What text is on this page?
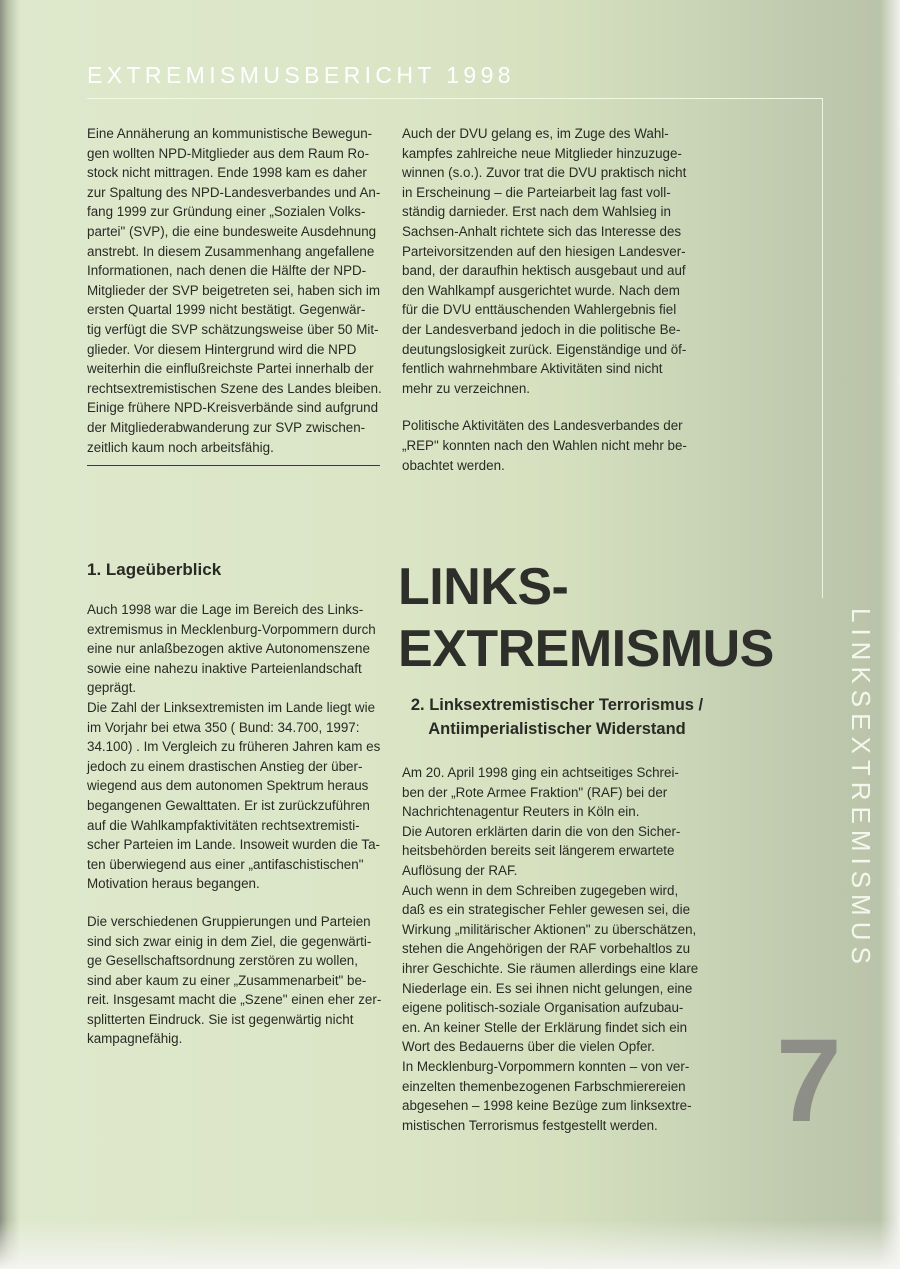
EXTREMISMUSBERICHT 1998

Eine Annäherung an kommunistische Bewegun-
gen wollten NPD-Mitglieder aus dem Raum Ro-
stock nicht mittragen. Ende 1998 kam es daher
zur Spaltung des NPD-Landesverbandes und An-
fang 1999 zur Gründung einer „Sozialen Volks-
partei" (SVP), die eine bundesweite Ausdehnung
anstrebt. In diesem Zusammenhang angefallene
Informationen, nach denen die Hälfte der NPD-
Mitglieder der SVP beigetreten sei, haben sich im
ersten Quartal 1999 nicht bestätigt. Gegenwär-
tig verfügt die SVP schätzungsweise über 50 Mit-
glieder. Vor diesem Hintergrund wird die NPD
weiterhin die einflußreichste Partei innerhalb der
rechtsextremistischen Szene des Landes bleiben.
Einige frühere NPD-Kreisverbände sind aufgrund
der Mitgliederabwanderung zur SVP zwischen-
zeitlich kaum noch arbeitsfähig.

Auch der DVU gelang es, im Zuge des Wahl-
kampfes zahlreiche neue Mitglieder hinzuzuge-
winnen (s.o.). Zuvor trat die DVU praktisch nicht
in Erscheinung – die Parteiarbeit lag fast voll-
ständig darnieder. Erst nach dem Wahlsieg in
Sachsen-Anhalt richtete sich das Interesse des
Parteivorsitzenden auf den hiesigen Landesver-
band, der daraufhin hektisch ausgebaut und auf
den Wahlkampf ausgerichtet wurde. Nach dem
für die DVU enttäuschenden Wahlergebnis fiel
der Landesverband jedoch in die politische Be-
deutungslosigkeit zurück. Eigenständige und öf-
fentlich wahrnehmbare Aktivitäten sind nicht
mehr zu verzeichnen.

Politische Aktivitäten des Landesverbandes der
„REP" konnten nach den Wahlen nicht mehr be-
obachtet werden.

1. Lageüberblick

Auch 1998 war die Lage im Bereich des Links-
extremismus in Mecklenburg-Vorpommern durch
eine nur anlaßbezogen aktive Autonomenszene
sowie eine nahezu inaktive Parteienlandschaft
geprägt.
Die Zahl der Linksextremisten im Lande liegt wie
im Vorjahr bei etwa 350 ( Bund: 34.700, 1997:
34.100) . Im Vergleich zu früheren Jahren kam es
jedoch zu einem drastischen Anstieg der über-
wiegend aus dem autonomen Spektrum heraus
begangenen Gewalttaten. Er ist zurückzuführen
auf die Wahlkampfaktivitäten rechtsextremisti-
scher Parteien im Lande. Insoweit wurden die Ta-
ten überwiegend aus einer „antifaschistischen"
Motivation heraus begangen.

Die verschiedenen Gruppierungen und Parteien
sind sich zwar einig in dem Ziel, die gegenwärti-
ge Gesellschaftsordnung zerstören zu wollen,
sind aber kaum zu einer „Zusammenarbeit" be-
reit. Insgesamt macht die „Szene" einen eher zer-
splitterten Eindruck. Sie ist gegenwärtig nicht
kampagnefähig.

LINKS-
EXTREMISMUS
2. Linksextremistischer Terrorismus /
Antiimperialistischer Widerstand

Am 20. April 1998 ging ein achtseitiges Schrei-
ben der „Rote Armee Fraktion" (RAF) bei der
Nachrichtenagentur Reuters in Köln ein.
Die Autoren erklärten darin die von den Sicher-
heitsbehörden bereits seit längerem erwartete
Auflösung der RAF.
Auch wenn in dem Schreiben zugegeben wird,
daß es ein strategischer Fehler gewesen sei, die
Wirkung „militärischer Aktionen" zu überschätzen,
stehen die Angehörigen der RAF vorbehaltlos zu
ihrer Geschichte. Sie räumen allerdings eine klare
Niederlage ein. Es sei ihnen nicht gelungen, eine
eigene politisch-soziale Organisation aufzubau-
en. An keiner Stelle der Erklärung findet sich ein
Wort des Bedauerns über die vielen Opfer.
In Mecklenburg-Vorpommern konnten – von ver-
einzelten themenbezogenen Farbschmierereien
abgesehen – 1998 keine Bezüge zum linksextre-
mistischen Terrorismus festgestellt werden.

LINKSEXTREMISMUS
7
